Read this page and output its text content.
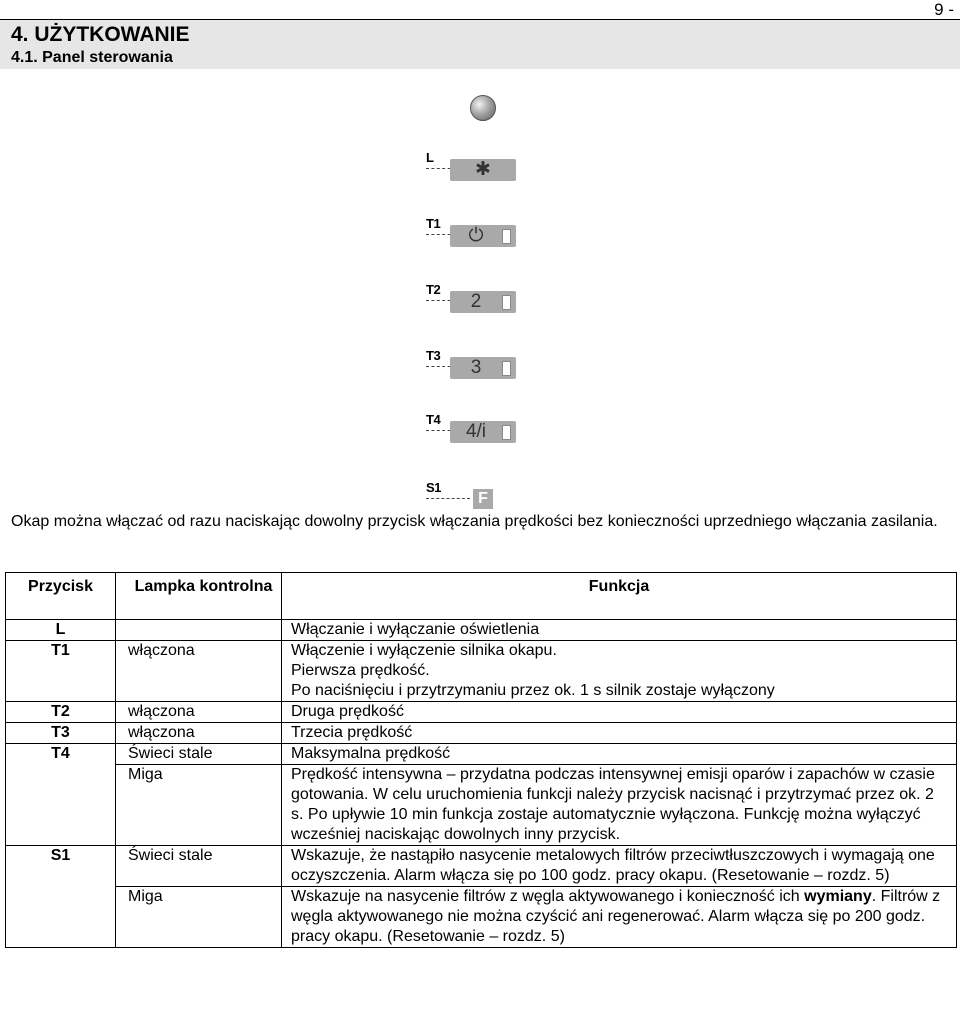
9 -
4. UŻYTKOWANIE
4.1. Panel sterowania
L
✱
T1
⏻
T2
2
T3
3
T4
4/i
S1
F
Okap można włączać od razu naciskając dowolny przycisk włączania prędkości bez konieczności uprzedniego włączania zasilania.
Przycisk	Lampka kontrolna	Funkcja
L		Włączanie i wyłączanie oświetlenia
T1	włączona	Włączenie i wyłączenie silnika okapu.
Pierwsza prędkość.
Po naciśnięciu i przytrzymaniu przez ok. 1 s silnik zostaje wyłączony

T2	włączona	Druga prędkość
T3	włączona	Trzecia prędkość
T4	Świeci stale	Maksymalna prędkość
	Miga	Prędkość intensywna – przydatna podczas intensywnej emisji oparów i zapachów w czasie gotowania. W celu uruchomienia funkcji należy przycisk nacisnąć i przytrzymać przez ok. 2 s. Po upływie 10 min funkcja zostaje automatycznie wyłączona. Funkcję można wyłączyć wcześniej naciskając dowolnych inny przycisk.
S1	Świeci stale	Wskazuje, że nastąpiło nasycenie metalowych filtrów przeciwtłuszczowych i wymagają one oczyszczenia. Alarm włącza się po 100 godz. pracy okapu. (Resetowanie – rozdz. 5)
	Miga	Wskazuje na nasycenie filtrów z węgla aktywowanego i konieczność ich wymiany. Filtrów z węgla aktywowanego nie można czyścić ani regenerować. Alarm włącza się po 200 godz. pracy okapu. (Resetowanie – rozdz. 5)
